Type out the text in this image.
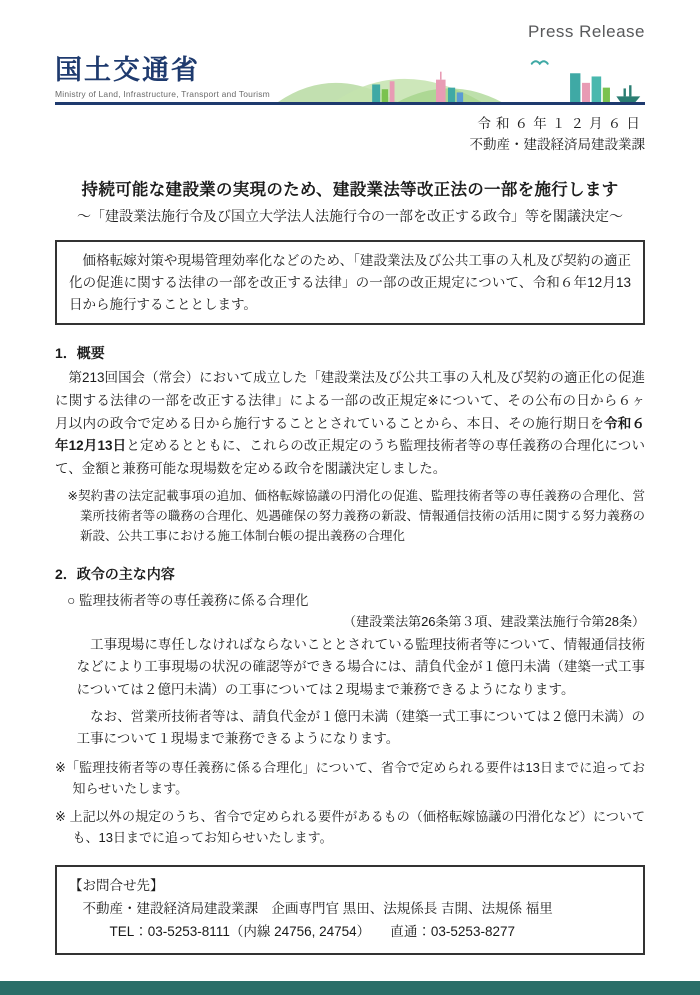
Press Release
国土交通省
Ministry of Land, Infrastructure, Transport and Tourism
令和６年１２月６日
不動産・建設経済局建設業課
持続可能な建設業の実現のため、建設業法等改正法の一部を施行します
～「建設業法施行令及び国立大学法人法施行令の一部を改正する政令」等を閣議決定～

　価格転嫁対策や現場管理効率化などのため、「建設業法及び公共工事の入札及び契約の適正化の促進に関する法律の一部を改正する法律」の一部の改正規定について、令和６年12月13日から施行することとします。

1．概要

　第213回国会（常会）において成立した「建設業法及び公共工事の入札及び契約の適正化の促進に関する法律の一部を改正する法律」による一部の改正規定※について、その公布の日から６ヶ月以内の政令で定める日から施行することとされていることから、本日、その施行期日を令和６年12月13日と定めるとともに、これらの改正規定のうち監理技術者等の専任義務の合理化について、金額と兼務可能な現場数を定める政令を閣議決定しました。

※契約書の法定記載事項の追加、価格転嫁協議の円滑化の促進、監理技術者等の専任義務の合理化、営業所技術者等の職務の合理化、処遇確保の努力義務の新設、情報通信技術の活用に関する努力義務の新設、公共工事における施工体制台帳の提出義務の合理化

2．政令の主な内容

○ 監理技術者等の専任義務に係る合理化

（建設業法第26条第３項、建設業法施行令第28条）

　工事現場に専任しなければならないこととされている監理技術者等について、情報通信技術などにより工事現場の状況の確認等ができる場合には、請負代金が１億円未満（建築一式工事については２億円未満）の工事については２現場まで兼務できるようになります。

　なお、営業所技術者等は、請負代金が１億円未満（建築一式工事については２億円未満）の工事について１現場まで兼務できるようになります。

※「監理技術者等の専任義務に係る合理化」について、省令で定められる要件は13日までに追ってお知らせいたします。

※ 上記以外の規定のうち、省令で定められる要件があるもの（価格転嫁協議の円滑化など）についても、13日までに追ってお知らせいたします。

【お問合せ先】
不動産・建設経済局建設業課　企画専門官 黒田、法規係長 吉開、法規係 福里
TEL：03-5253-8111（内線 24756, 24754）　　直通：03-5253-8277
